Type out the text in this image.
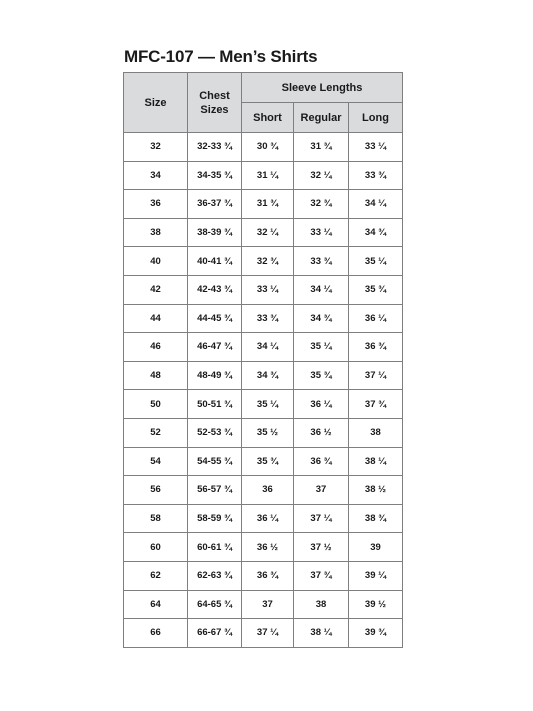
MFC-107 — Men’s Shirts
Size	Chest Sizes	Sleeve Lengths		
		Short	Regular	Long
32	32-33 ¾	30 ¾	31 ¾	33 ¼
34	34-35 ¾	31 ¼	32 ¼	33 ¾
36	36-37 ¾	31 ¾	32 ¾	34 ¼
38	38-39 ¾	32 ¼	33 ¼	34 ¾
40	40-41 ¾	32 ¾	33 ¾	35 ¼
42	42-43 ¾	33 ¼	34 ¼	35 ¾
44	44-45 ¾	33 ¾	34 ¾	36 ¼
46	46-47 ¾	34 ¼	35 ¼	36 ¾
48	48-49 ¾	34 ¾	35 ¾	37 ¼
50	50-51 ¾	35 ¼	36 ¼	37 ¾
52	52-53 ¾	35 ½	36 ½	38
54	54-55 ¾	35 ¾	36 ¾	38 ¼
56	56-57 ¾	36	37	38 ½
58	58-59 ¾	36 ¼	37 ¼	38 ¾
60	60-61 ¾	36 ½	37 ½	39
62	62-63 ¾	36 ¾	37 ¾	39 ¼
64	64-65 ¾	37	38	39 ½
66	66-67 ¾	37 ¼	38 ¼	39 ¾
